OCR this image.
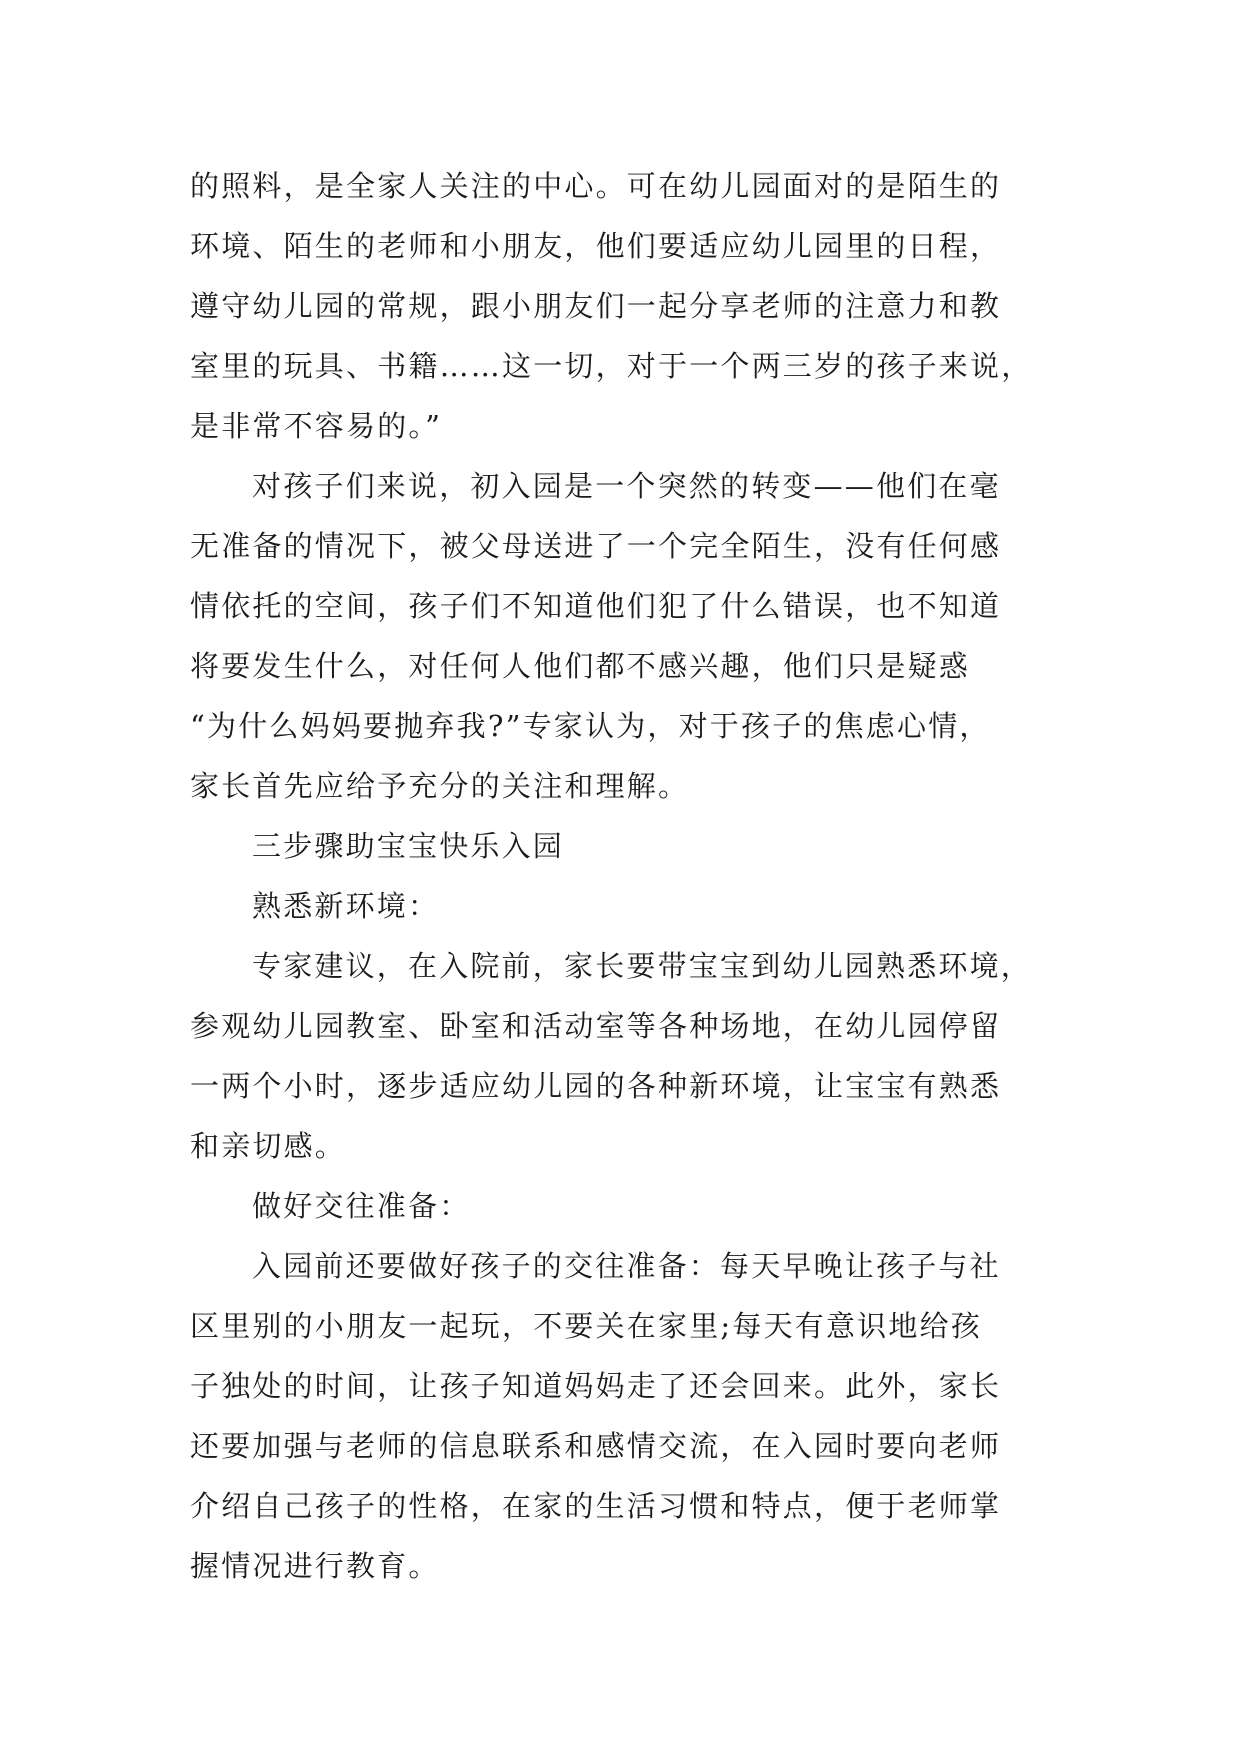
的照料，是全家人关注的中心。可在幼儿园面对的是陌生的
环境、陌生的老师和小朋友，他们要适应幼儿园里的日程，
遵守幼儿园的常规，跟小朋友们一起分享老师的注意力和教
室里的玩具、书籍……这一切，对于一个两三岁的孩子来说，
是非常不容易的。”
对孩子们来说，初入园是一个突然的转变——他们在毫
无准备的情况下，被父母送进了一个完全陌生，没有任何感
情依托的空间，孩子们不知道他们犯了什么错误，也不知道
将要发生什么，对任何人他们都不感兴趣，他们只是疑惑
“为什么妈妈要抛弃我?”专家认为，对于孩子的焦虑心情，
家长首先应给予充分的关注和理解。
三步骤助宝宝快乐入园
熟悉新环境：
专家建议，在入院前，家长要带宝宝到幼儿园熟悉环境，
参观幼儿园教室、卧室和活动室等各种场地，在幼儿园停留
一两个小时，逐步适应幼儿园的各种新环境，让宝宝有熟悉
和亲切感。
做好交往准备：
入园前还要做好孩子的交往准备：每天早晚让孩子与社
区里别的小朋友一起玩，不要关在家里;每天有意识地给孩
子独处的时间，让孩子知道妈妈走了还会回来。此外，家长
还要加强与老师的信息联系和感情交流，在入园时要向老师
介绍自己孩子的性格，在家的生活习惯和特点，便于老师掌
握情况进行教育。
